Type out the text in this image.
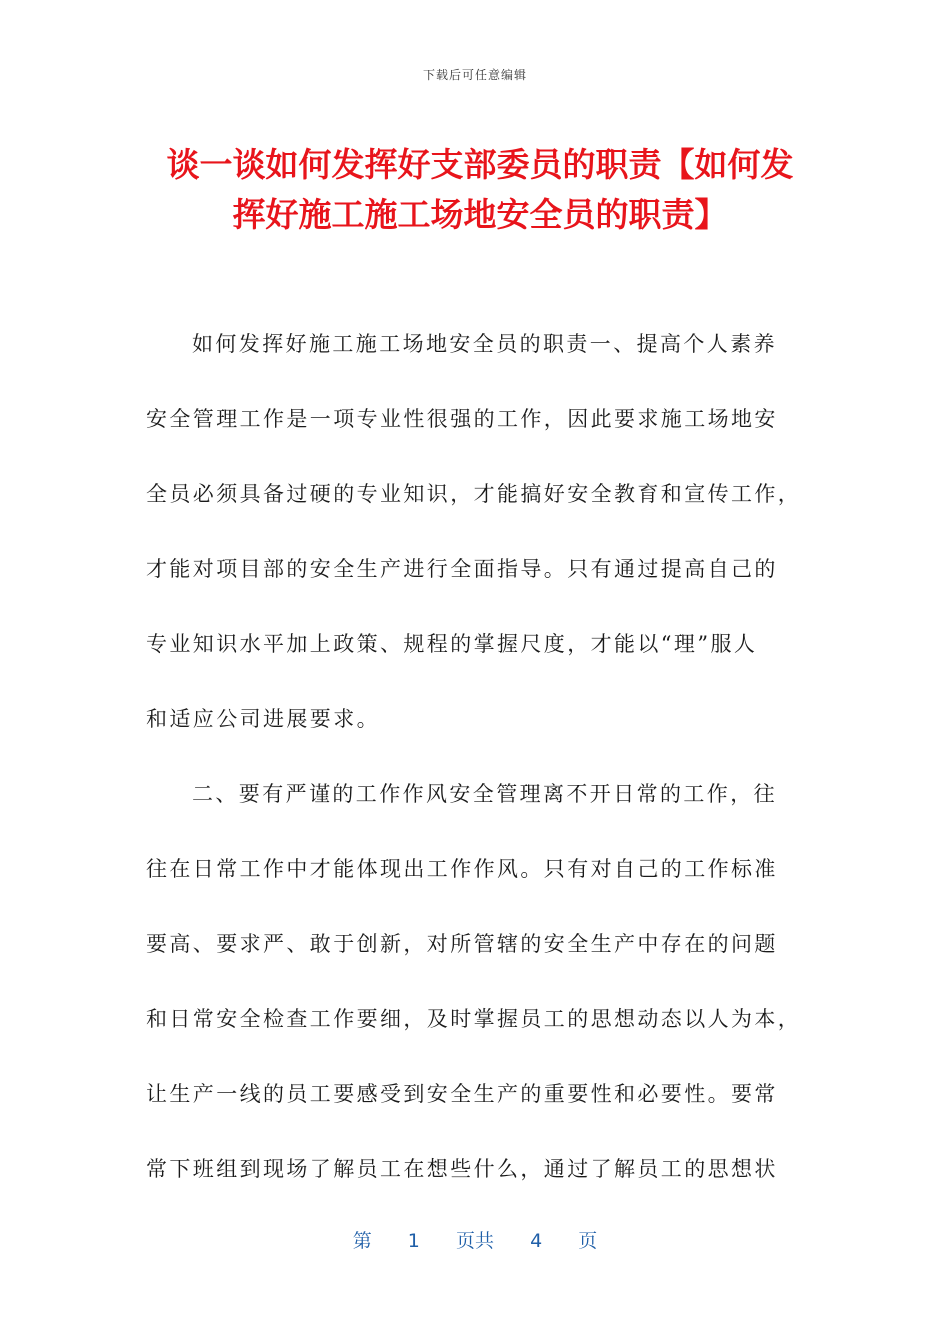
下载后可任意编辑
谈一谈如何发挥好支部委员的职责【如何发
挥好施工施工场地安全员的职责】
如何发挥好施工施工场地安全员的职责一、提高个人素养
安全管理工作是一项专业性很强的工作，因此要求施工场地安
全员必须具备过硬的专业知识，才能搞好安全教育和宣传工作，
才能对项目部的安全生产进行全面指导。只有通过提高自己的
专业知识水平加上政策、规程的掌握尺度，才能以“理”服人
和适应公司进展要求。
二、要有严谨的工作作风安全管理离不开日常的工作，往
往在日常工作中才能体现出工作作风。只有对自己的工作标准
要高、要求严、敢于创新，对所管辖的安全生产中存在的问题
和日常安全检查工作要细，及时掌握员工的思想动态以人为本，
让生产一线的员工要感受到安全生产的重要性和必要性。要常
常下班组到现场了解员工在想些什么，通过了解员工的思想状
第 1 页共 4 页
